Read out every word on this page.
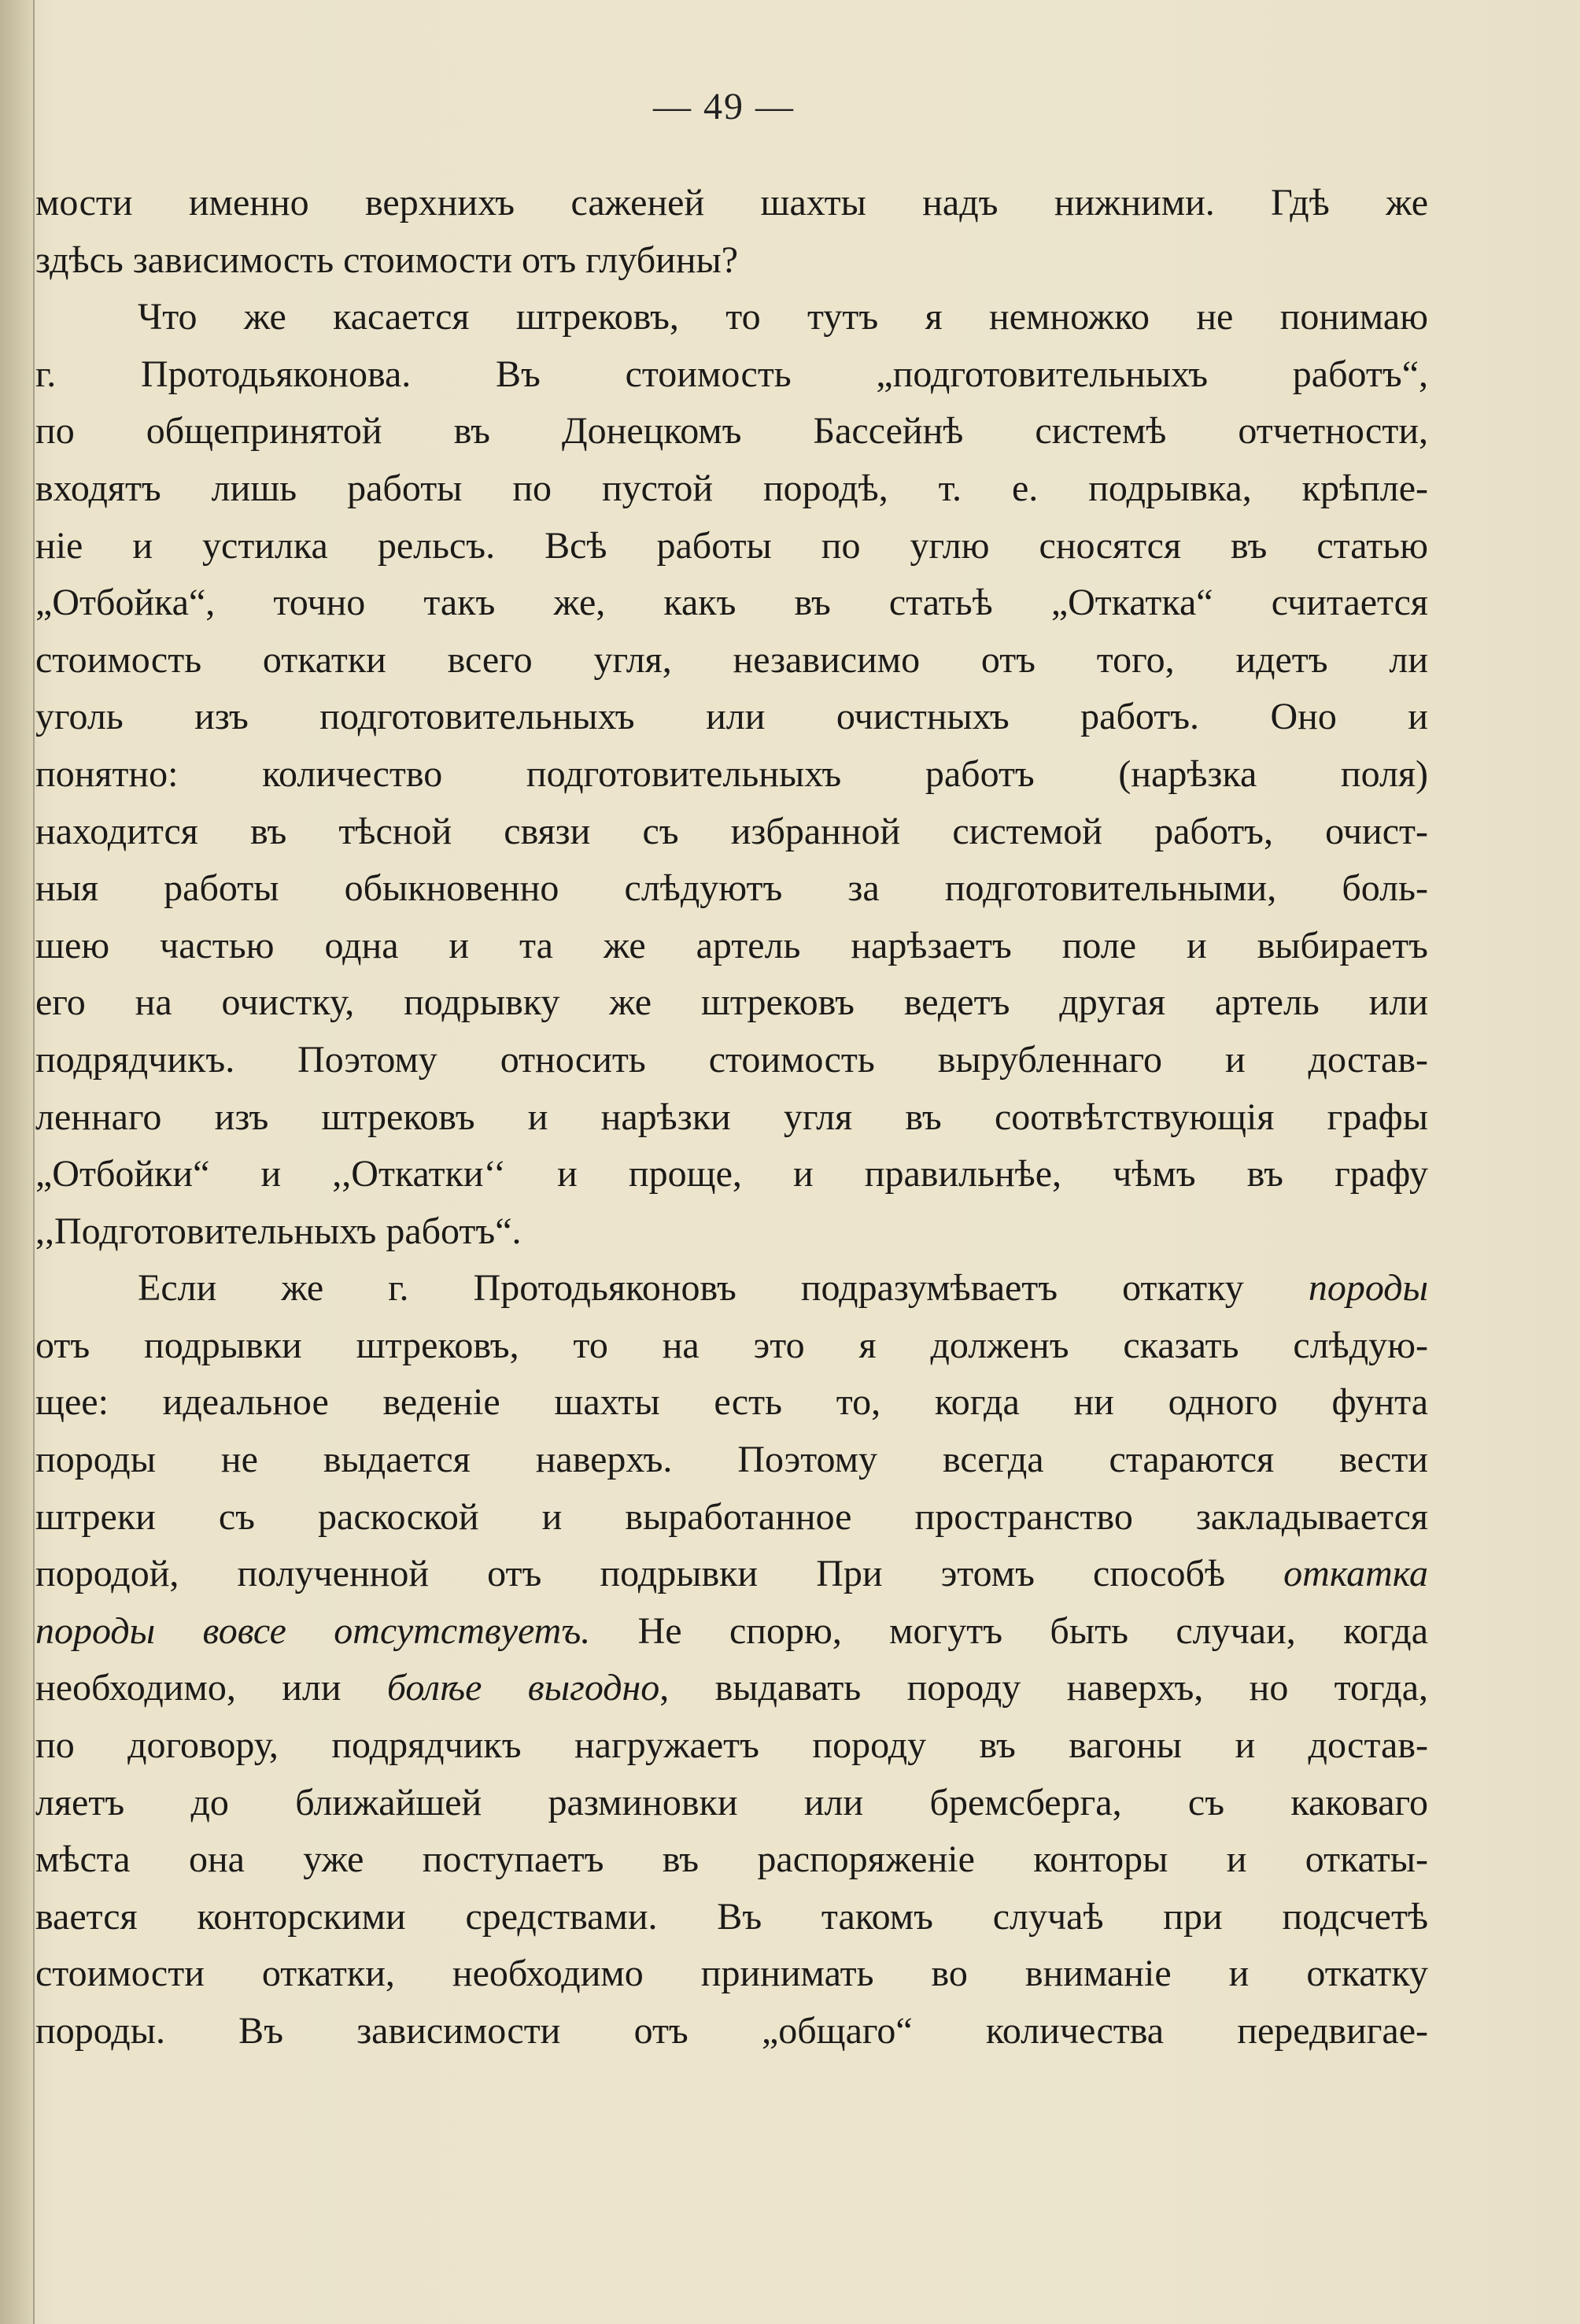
— 49 —
мости именно верхнихъ саженей шахты надъ нижними. Гдѣ же
здѣсь зависимость стоимости отъ глубины?
Что же касается штрековъ, то тутъ я немножко не понимаю
г. Протодьяконова. Въ стоимость „подготовительныхъ работъ“,
по общепринятой въ Донецкомъ Бассейнѣ системѣ отчетности,
входятъ лишь работы по пустой породѣ, т. е. подрывка, крѣпле-
ніе и устилка рельсъ. Всѣ работы по углю сносятся въ статью
„Отбойка“, точно такъ же, какъ въ статьѣ „Откатка“ считается
стоимость откатки всего угля, независимо отъ того, идетъ ли
уголь изъ подготовительныхъ или очистныхъ работъ. Оно и
понятно: количество подготовительныхъ работъ (нарѣзка поля)
находится въ тѣсной связи съ избранной системой работъ, очист-
ныя работы обыкновенно слѣдуютъ за подготовительными, боль-
шею частью одна и та же артель нарѣзаетъ поле и выбираетъ
его на очистку, подрывку же штрековъ ведетъ другая артель или
подрядчикъ. Поэтому относить стоимость вырубленнаго и достав-
леннаго изъ штрековъ и нарѣзки угля въ соотвѣтствующія графы
„Отбойки“ и ,,Откатки‘‘ и проще, и правильнѣе, чѣмъ въ графу
,,Подготовительныхъ работъ“.
Если же г. Протодьяконовъ подразумѣваетъ откатку породы
отъ подрывки штрековъ, то на это я долженъ сказать слѣдую-
щее: идеальное веденіе шахты есть то, когда ни одного фунта
породы не выдается наверхъ. Поэтому всегда стараются вести
штреки съ раскоской и выработанное пространство закладывается
породой, полученной отъ подрывки При этомъ способѣ откатка
породы вовсе отсутствуетъ. Не спорю, могутъ быть случаи, когда
необходимо, или болѣе выгодно, выдавать породу наверхъ, но тогда,
по договору, подрядчикъ нагружаетъ породу въ вагоны и достав-
ляетъ до ближайшей разминовки или бремсберга, съ каковаго
мѣста она уже поступаетъ въ распоряженіе конторы и откаты-
вается конторскими средствами. Въ такомъ случаѣ при подсчетѣ
стоимости откатки, необходимо принимать во вниманіе и откатку
породы. Въ зависимости отъ „общаго“ количества передвигае-
